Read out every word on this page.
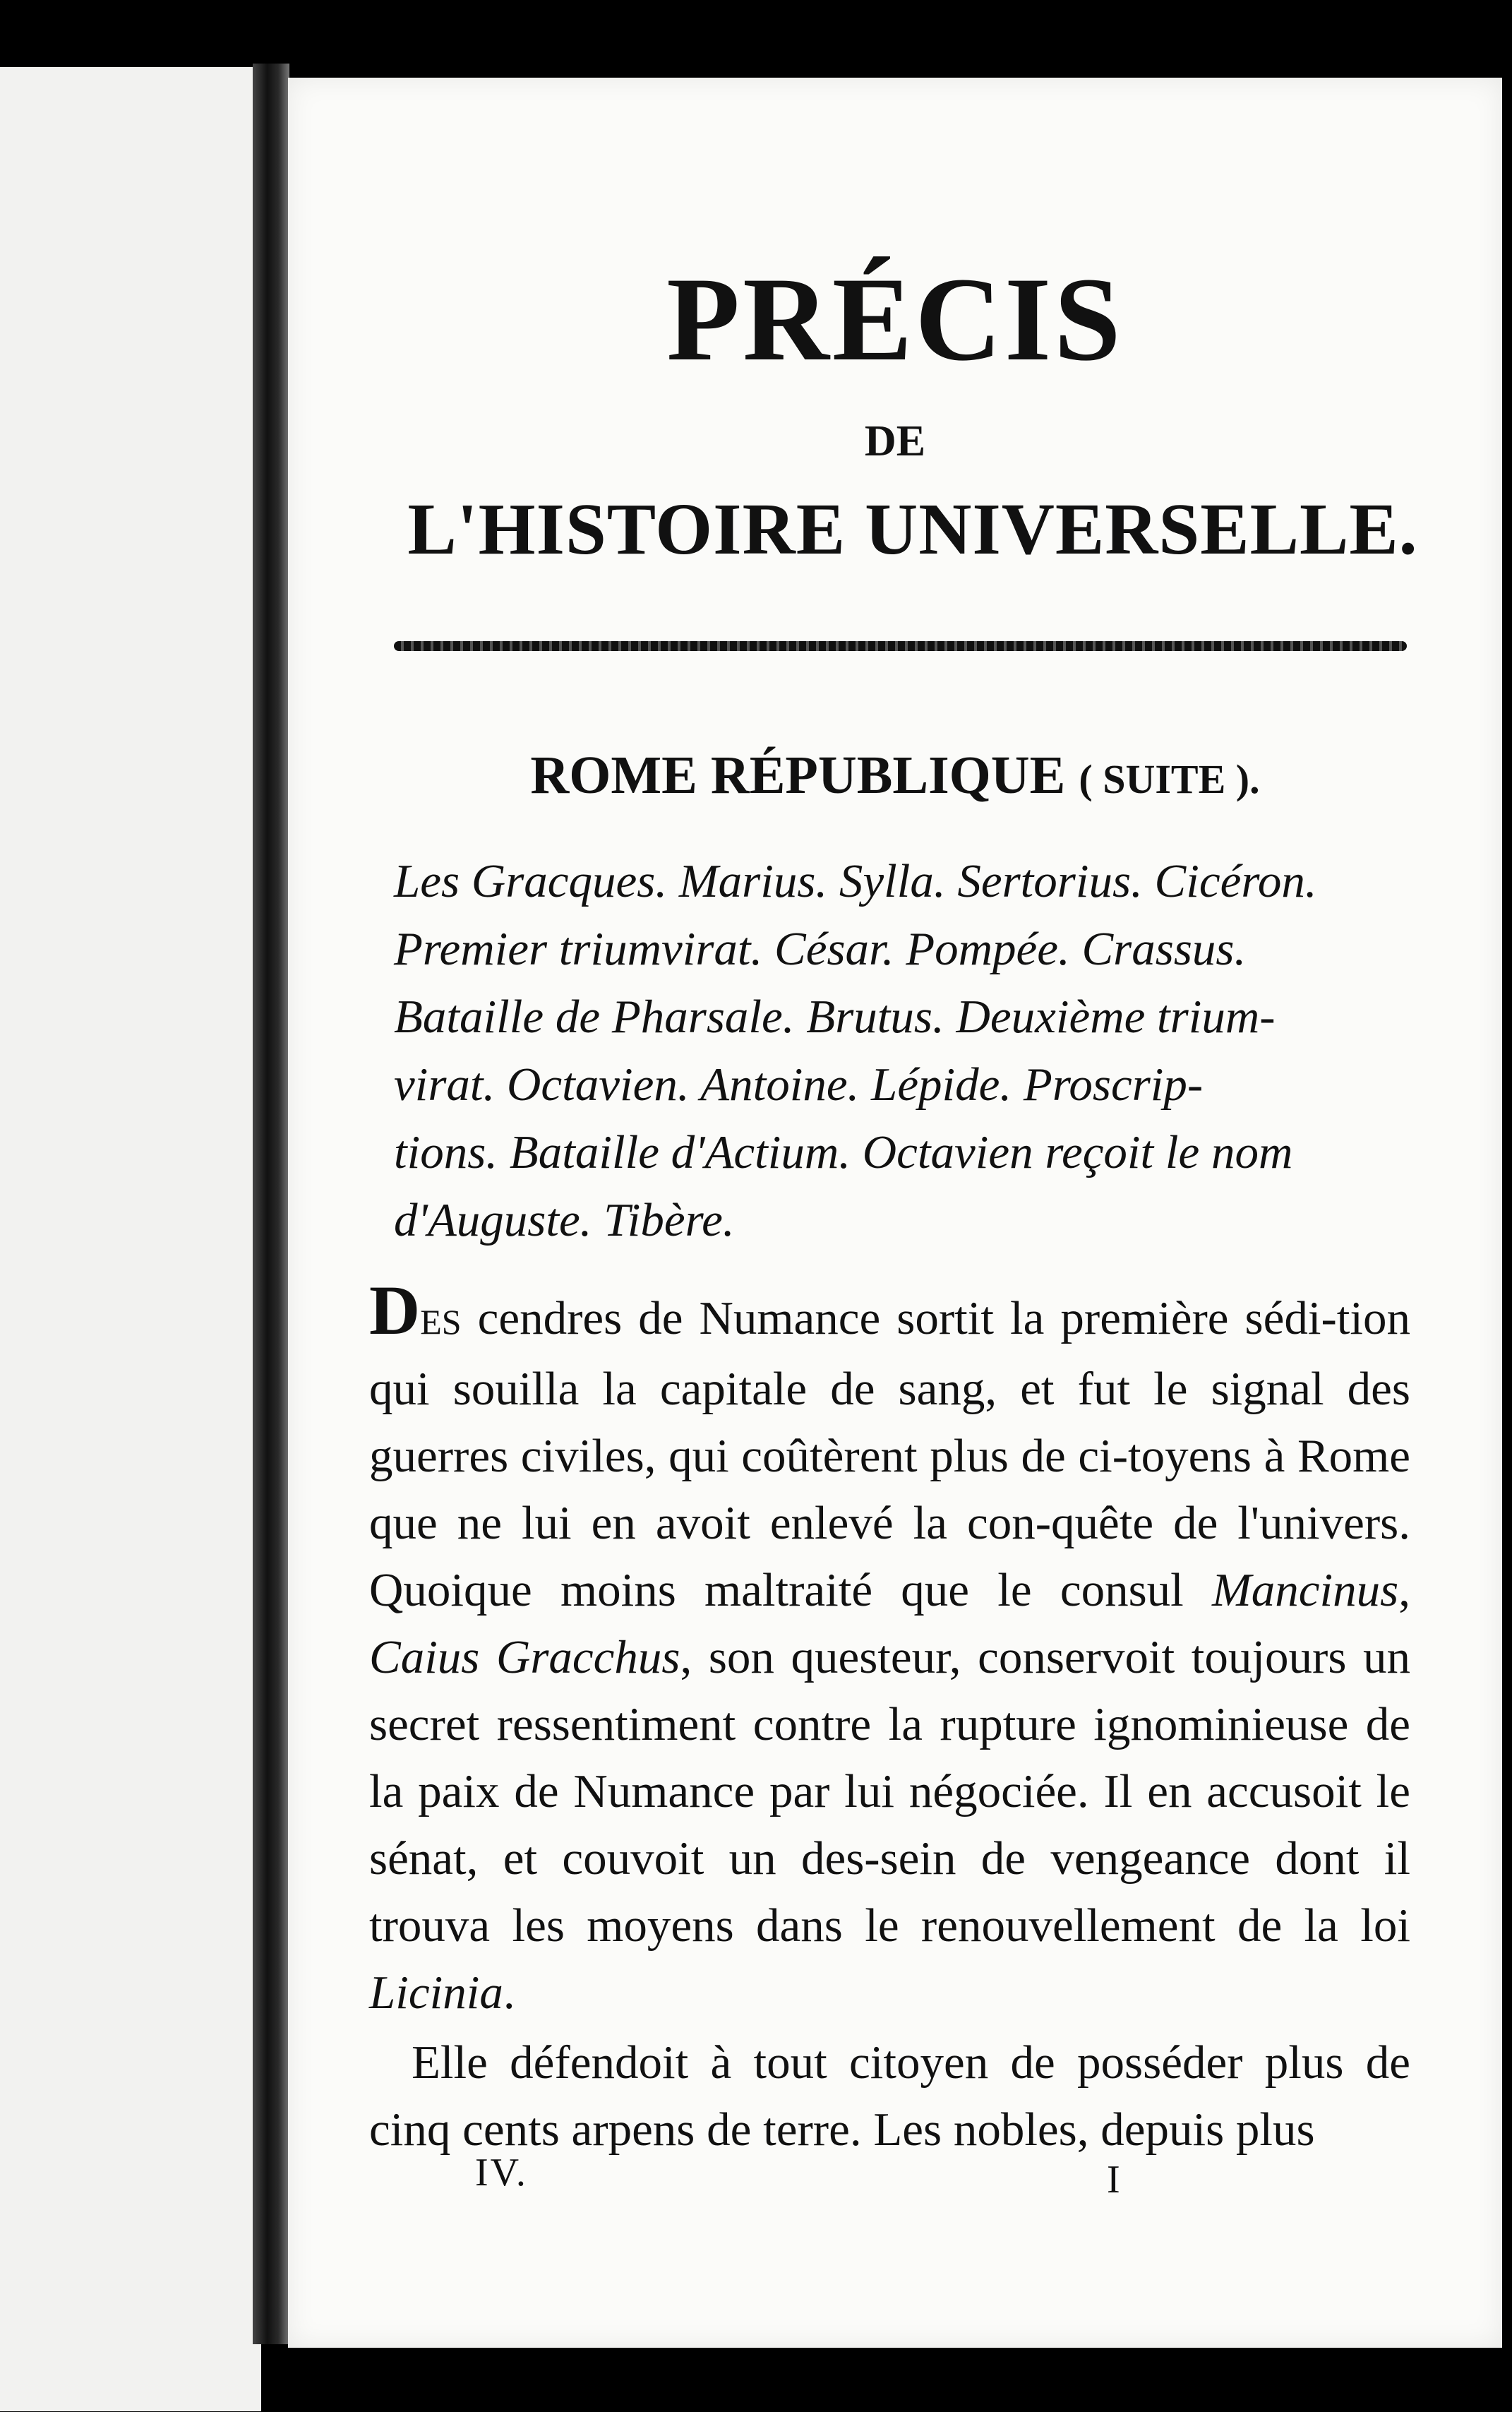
PRÉCIS
DE
L'HISTOIRE UNIVERSELLE.
ROME RÉPUBLIQUE ( SUITE ).
Les Gracques. Marius. Sylla. Sertorius. Cicéron.
Premier triumvirat. César. Pompée. Crassus.
Bataille de Pharsale. Brutus. Deuxième trium-
virat. Octavien. Antoine. Lépide. Proscrip-
tions. Bataille d'Actium. Octavien reçoit le nom
d'Auguste. Tibère.

DES cendres de Numance sortit la première sédi-tion qui souilla la capitale de sang, et fut le signal des guerres civiles, qui coûtèrent plus de ci-toyens à Rome que ne lui en avoit enlevé la con-quête de l'univers. Quoique moins maltraité que le consul Mancinus, Caius Gracchus, son questeur, conservoit toujours un secret ressentiment contre la rupture ignominieuse de la paix de Numance par lui négociée. Il en accusoit le sénat, et couvoit un des-sein de vengeance dont il trouva les moyens dans le renouvellement de la loi Licinia.

Elle défendoit à tout citoyen de posséder plus de cinq cents arpens de terre. Les nobles, depuis plus

IV.	I
